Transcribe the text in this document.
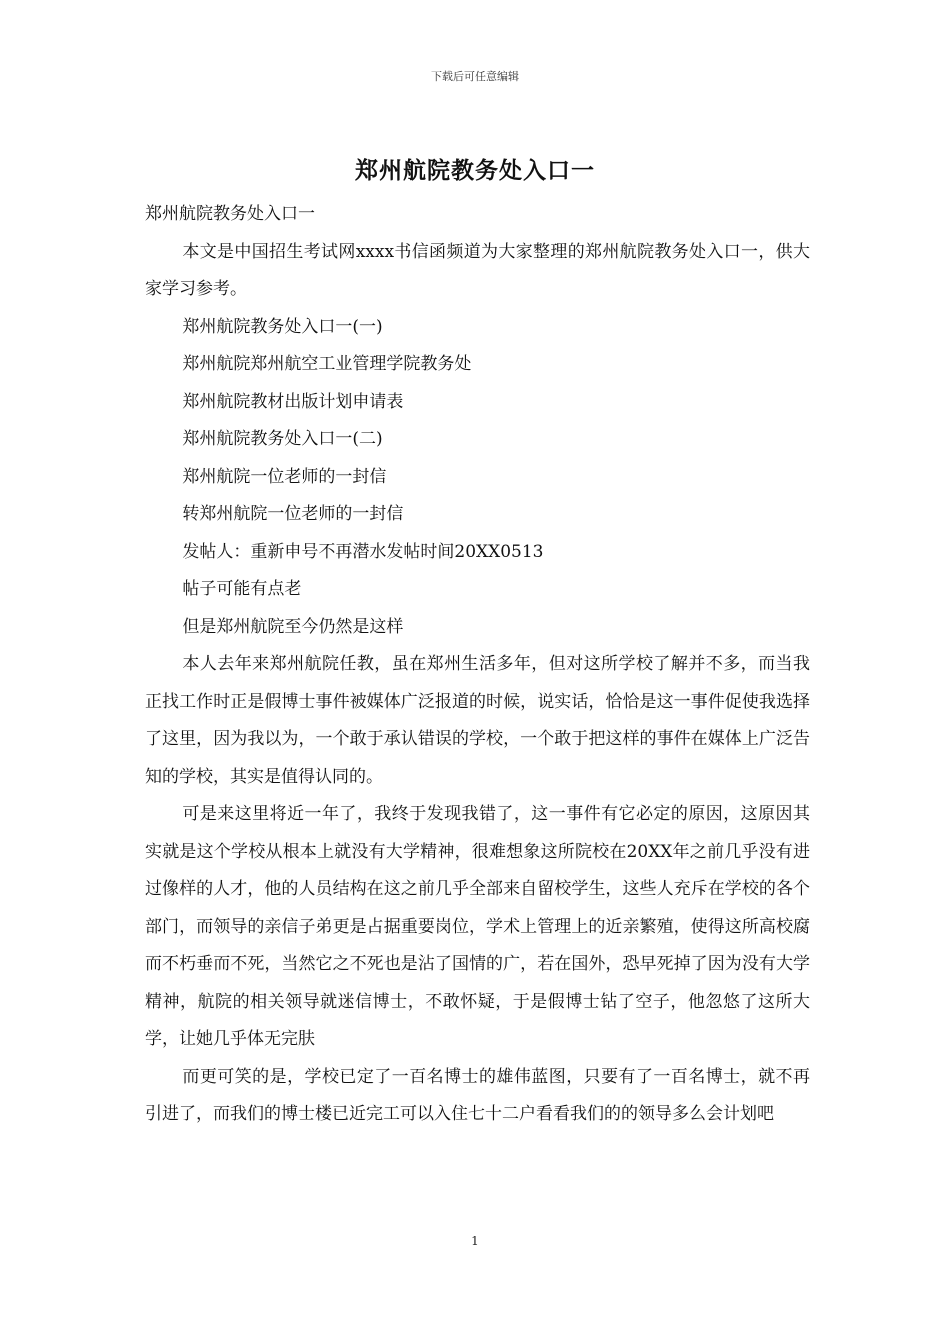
下载后可任意编辑
郑州航院教务处入口一

郑州航院教务处入口一

本文是中国招生考试网xxxx书信函频道为大家整理的郑州航院教务处入口一，供大家学习参考。

郑州航院教务处入口一(一)

郑州航院郑州航空工业管理学院教务处

郑州航院教材出版计划申请表

郑州航院教务处入口一(二)

郑州航院一位老师的一封信

转郑州航院一位老师的一封信

发帖人：重新申号不再潜水发帖时间20XX0513

帖子可能有点老

但是郑州航院至今仍然是这样

本人去年来郑州航院任教，虽在郑州生活多年，但对这所学校了解并不多，而当我正找工作时正是假博士事件被媒体广泛报道的时候，说实话，恰恰是这一事件促使我选择了这里，因为我以为，一个敢于承认错误的学校，一个敢于把这样的事件在媒体上广泛告知的学校，其实是值得认同的。

可是来这里将近一年了，我终于发现我错了，这一事件有它必定的原因，这原因其实就是这个学校从根本上就没有大学精神，很难想象这所院校在20XX年之前几乎没有进过像样的人才，他的人员结构在这之前几乎全部来自留校学生，这些人充斥在学校的各个部门，而领导的亲信子弟更是占据重要岗位，学术上管理上的近亲繁殖，使得这所高校腐而不朽垂而不死，当然它之不死也是沾了国情的广，若在国外，恐早死掉了因为没有大学精神，航院的相关领导就迷信博士，不敢怀疑，于是假博士钻了空子，他忽悠了这所大学，让她几乎体无完肤

而更可笑的是，学校已定了一百名博士的雄伟蓝图，只要有了一百名博士，就不再引进了，而我们的博士楼已近完工可以入住七十二户看看我们的的领导多么会计划吧

1
